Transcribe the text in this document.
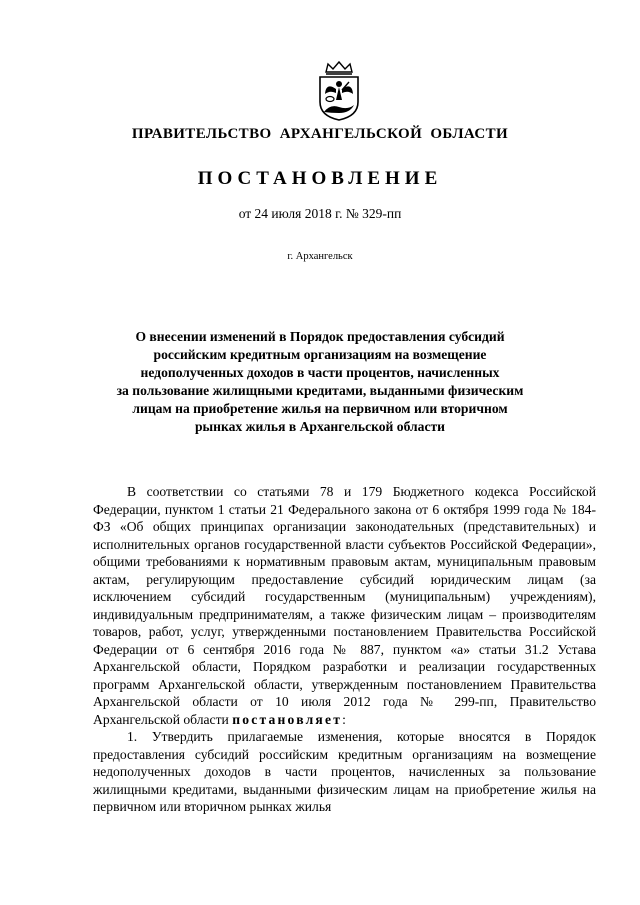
ПРАВИТЕЛЬСТВО АРХАНГЕЛЬСКОЙ ОБЛАСТИ
ПОСТАНОВЛЕНИЕ
от 24 июля 2018 г. № 329-пп
г. Архангельск
О внесении изменений в Порядок предоставления субсидий
российским кредитным организациям на возмещение
недополученных доходов в части процентов, начисленных
за пользование жилищными кредитами, выданными физическим
лицам на приобретение жилья на первичном или вторичном
рынках жилья в Архангельской области

В соответствии со статьями 78 и 179 Бюджетного кодекса Российской Федерации, пунктом 1 статьи 21 Федерального закона от 6 октября 1999 года № 184-ФЗ «Об общих принципах организации законодательных (представительных) и исполнительных органов государственной власти субъектов Российской Федерации», общими требованиями к нормативным правовым актам, муниципальным правовым актам, регулирующим предоставление субсидий юридическим лицам (за исключением субсидий государственным (муниципальным) учреждениям), индивидуальным предпринимателям, а также физическим лицам – производителям товаров, работ, услуг, утвержденными постановлением Правительства Российской Федерации от 6 сентября 2016 года № 887, пунктом «а» статьи 31.2 Устава Архангельской области, Порядком разработки и реализации государственных программ Архангельской области, утвержденным постановлением Правительства Архангельской области от 10 июля 2012 года № 299-пп, Правительство Архангельской области постановляет:

1. Утвердить прилагаемые изменения, которые вносятся в Порядок предоставления субсидий российским кредитным организациям на возмещение недополученных доходов в части процентов, начисленных за пользование жилищными кредитами, выданными физическим лицам на приобретение жилья на первичном или вторичном рынках жилья
